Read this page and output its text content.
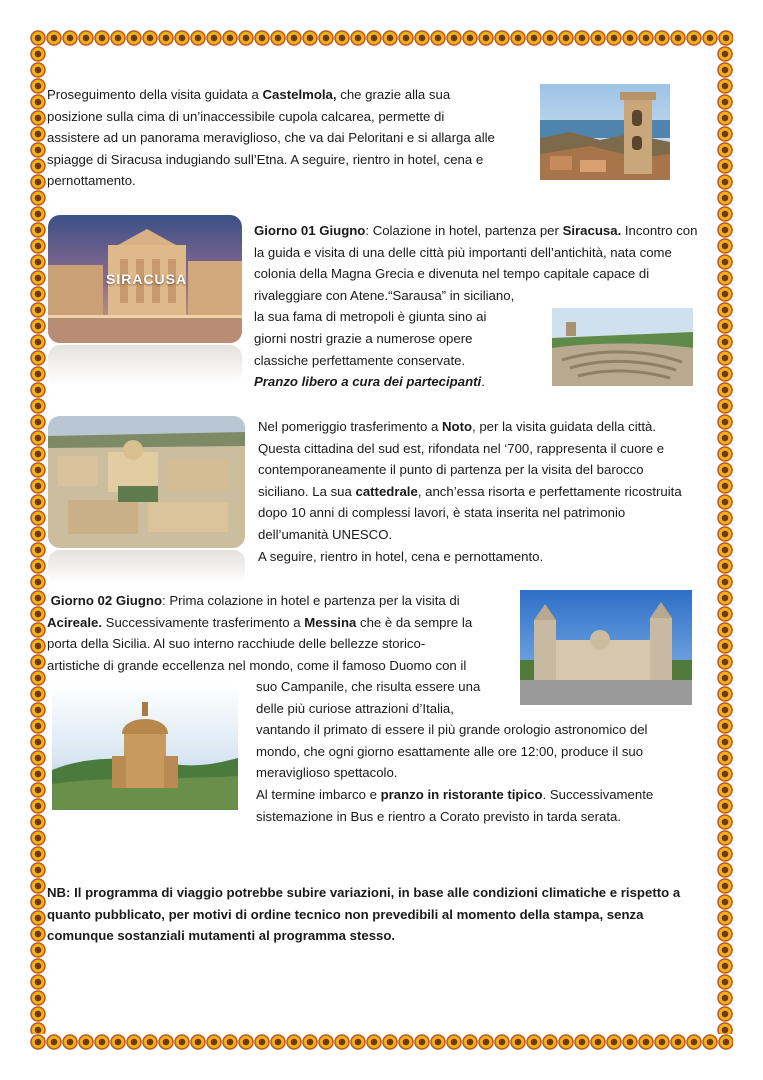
Proseguimento della visita guidata a Castelmola, che grazie alla sua
posizione sulla cima di un’inaccessibile cupola calcarea, permette di
assistere ad un panorama meraviglioso, che va dai Peloritani e si allarga alle
spiagge di Siracusa indugiando sull’Etna. A seguire, rientro in hotel, cena e
pernottamento.
SIRACUSA
Giorno 01 Giugno: Colazione in hotel, partenza per Siracusa. Incontro con
la guida e visita di una delle città più importanti dell’antichità, nata come
colonia della Magna Grecia e divenuta nel tempo capitale capace di
rivaleggiare con Atene.“Sarausa” in siciliano,
la sua fama di metropoli è giunta sino ai
giorni nostri grazie a numerose opere
classiche perfettamente conservate.
Pranzo libero a cura dei partecipanti.
Nel pomeriggio trasferimento a Noto, per la visita guidata della città.
Questa cittadina del sud est, rifondata nel ‘700, rappresenta il cuore e
contemporaneamente il punto di partenza per la visita del barocco
siciliano. La sua cattedrale, anch’essa risorta e perfettamente ricostruita
dopo 10 anni di complessi lavori, è stata inserita nel patrimonio
dell’umanità UNESCO.
A seguire, rientro in hotel, cena e pernottamento.
Giorno 02 Giugno: Prima colazione in hotel e partenza per la visita di
Acireale. Successivamente trasferimento a Messina che è da sempre la
porta della Sicilia. Al suo interno racchiude delle bellezze storico-
artistiche di grande eccellenza nel mondo, come il famoso Duomo con il
suo Campanile, che risulta essere una
delle più curiose attrazioni d’Italia,
vantando il primato di essere il più grande orologio astronomico del
mondo, che ogni giorno esattamente alle ore 12:00, produce il suo
meraviglioso spettacolo.
Al termine imbarco e pranzo in ristorante tipico. Successivamente
sistemazione in Bus e rientro a Corato previsto in tarda serata.
NB: Il programma di viaggio potrebbe subire variazioni, in base alle condizioni climatiche e rispetto a
quanto pubblicato, per motivi di ordine tecnico non prevedibili al momento della stampa, senza
comunque sostanziali mutamenti al programma stesso.
